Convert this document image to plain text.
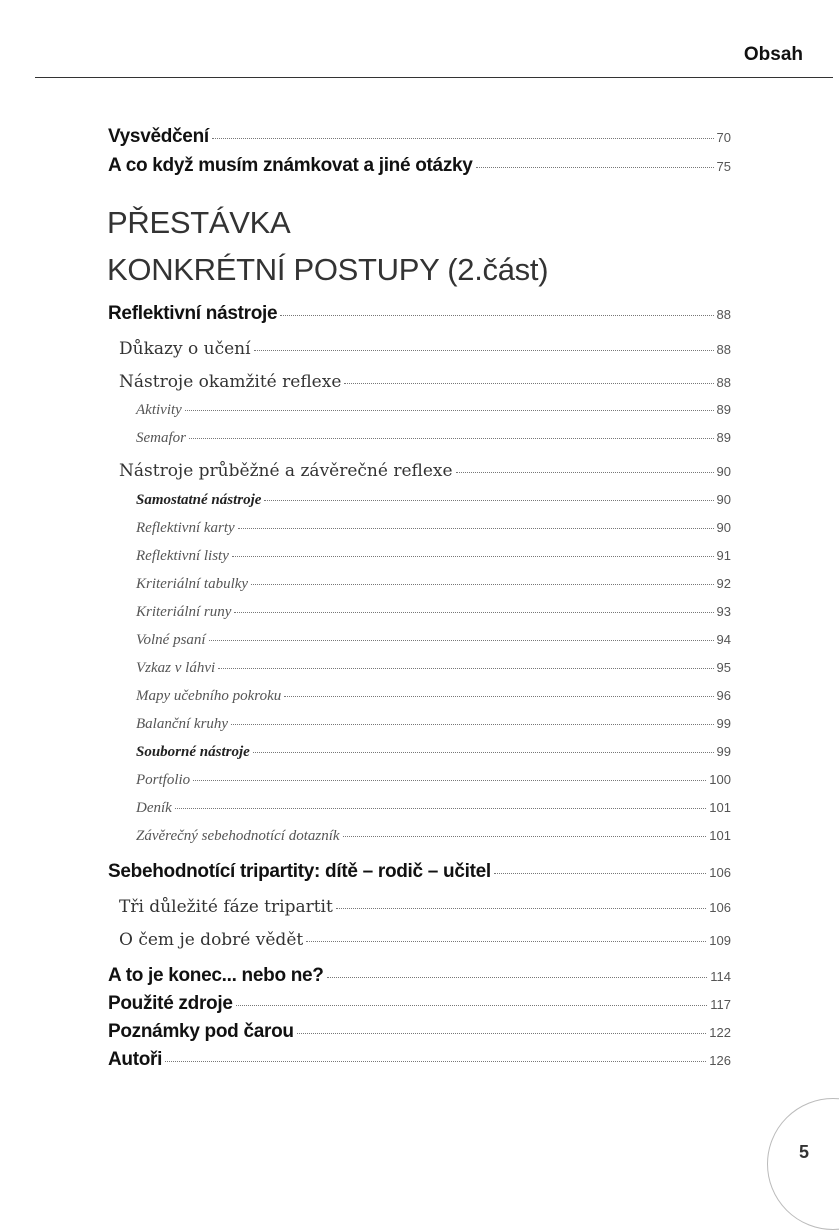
Obsah
Vysvědčení	70
A co když musím známkovat a jiné otázky	75
PŘESTÁVKA
KONKRÉTNÍ POSTUPY (2.část)
Reflektivní nástroje	88
Důkazy o učení	88
Nástroje okamžité reflexe	88
Aktivity	89
Semafor	89
Nástroje průběžné a závěrečné reflexe	90
Samostatné nástroje	90
Reflektivní karty	90
Reflektivní listy	91
Kriteriální tabulky	92
Kriteriální runy	93
Volné psaní	94
Vzkaz v láhvi	95
Mapy učebního pokroku	96
Balanční kruhy	99
Souborné nástroje	99
Portfolio	100
Deník	101
Závěrečný sebehodnotící dotazník	101
Sebehodnotící tripartity: dítě – rodič – učitel	106
Tři důležité fáze tripartit	106
O čem je dobré vědět	109
A to je konec... nebo ne?	114
Použité zdroje	117
Poznámky pod čarou	122
Autoři	126
5
